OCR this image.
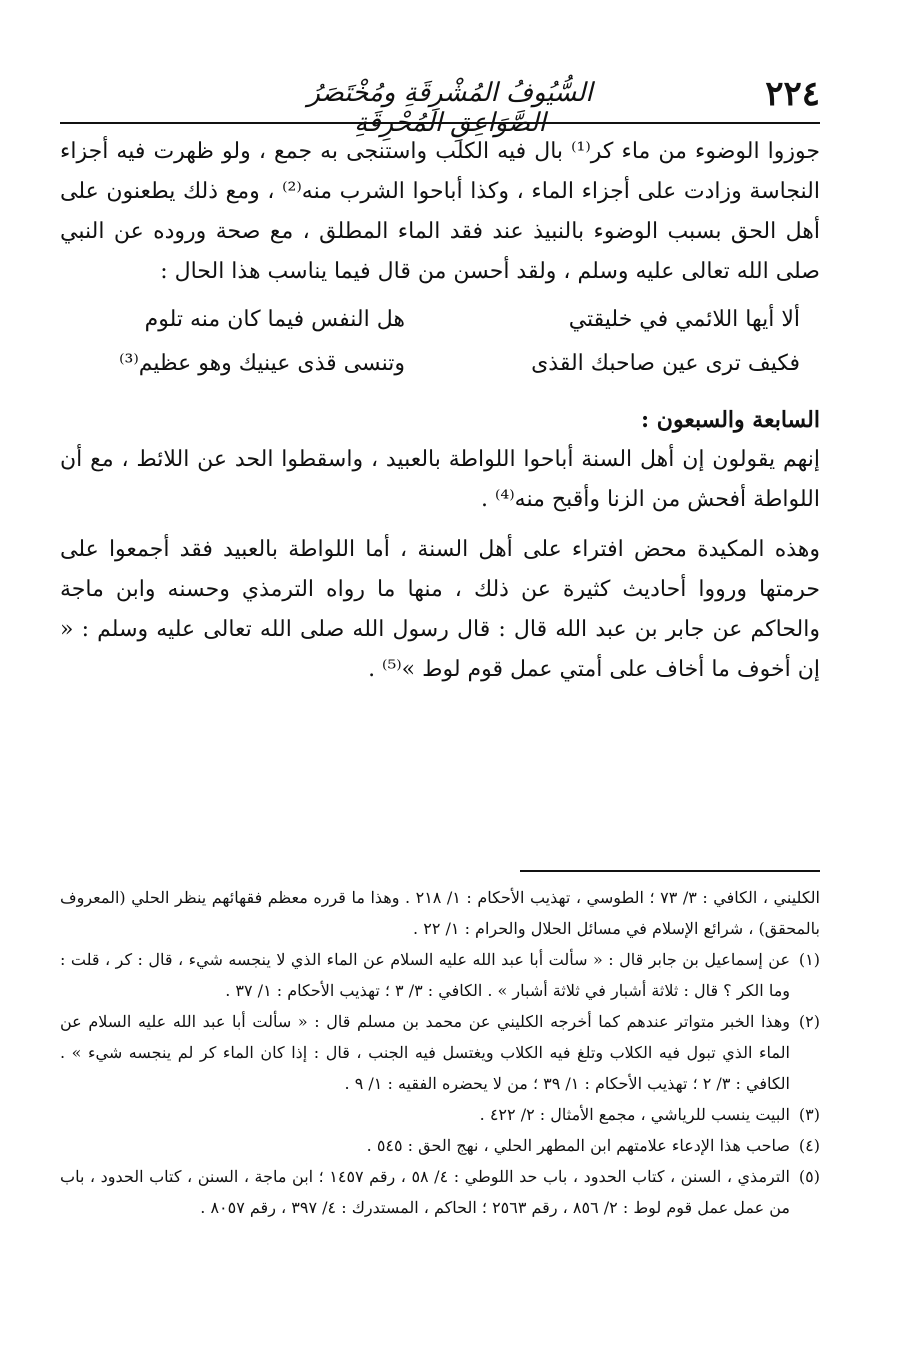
٢٢٤
السُّيُوفُ المُشْرِقَةِ ومُخْتَصَرُ الصَّوَاعِقِ المُحْرِقَةِ

جوزوا الوضوء من ماء كر⁽¹⁾ بال فيه الكلب واستنجى به جمع ، ولو ظهرت فيه أجزاء النجاسة وزادت على أجزاء الماء ، وكذا أباحوا الشرب منه⁽²⁾ ، ومع ذلك يطعنون على أهل الحق بسبب الوضوء بالنبيذ عند فقد الماء المطلق ، مع صحة وروده عن النبي صلى الله تعالى عليه وسلم ، ولقد أحسن من قال فيما يناسب هذا الحال :

ألا أيها اللائمي في خليقتي
هل النفس فيما كان منه تلوم
فكيف ترى عين صاحبك القذى
وتنسى قذى عينيك وهو عظيم⁽³⁾

السابعة والسبعون :

إنهم يقولون إن أهل السنة أباحوا اللواطة بالعبيد ، واسقطوا الحد عن اللائط ، مع أن اللواطة أفحش من الزنا وأقبح منه⁽⁴⁾ .

وهذه المكيدة محض افتراء على أهل السنة ، أما اللواطة بالعبيد فقد أجمعوا على حرمتها ورووا أحاديث كثيرة عن ذلك ، منها ما رواه الترمذي وحسنه وابن ماجة والحاكم عن جابر بن عبد الله قال : قال رسول الله صلى الله تعالى عليه وسلم : « إن أخوف ما أخاف على أمتي عمل قوم لوط »⁽⁵⁾ .

الكليني ، الكافي : ٣/ ٧٣ ؛ الطوسي ، تهذيب الأحكام : ١/ ٢١٨ . وهذا ما قرره معظم فقهائهم ينظر الحلي (المعروف بالمحقق) ، شرائع الإسلام في مسائل الحلال والحرام : ١/ ٢٢ .
(١)
عن إسماعيل بن جابر قال : « سألت أبا عبد الله عليه السلام عن الماء الذي لا ينجسه شيء ، قال : كر ، قلت : وما الكر ؟ قال : ثلاثة أشبار في ثلاثة أشبار » . الكافي : ٣/ ٣ ؛ تهذيب الأحكام : ١/ ٣٧ .
(٢)
وهذا الخبر متواتر عندهم كما أخرجه الكليني عن محمد بن مسلم قال : « سألت أبا عبد الله عليه السلام عن الماء الذي تبول فيه الكلاب وتلغ فيه الكلاب ويغتسل فيه الجنب ، قال : إذا كان الماء كر لم ينجسه شيء » . الكافي : ٣/ ٢ ؛ تهذيب الأحكام : ١/ ٣٩ ؛ من لا يحضره الفقيه : ١/ ٩ .
(٣)
البيت ينسب للرياشي ، مجمع الأمثال : ٢/ ٤٢٢ .
(٤)
صاحب هذا الإدعاء علامتهم ابن المطهر الحلي ، نهج الحق : ٥٤٥ .
(٥)
الترمذي ، السنن ، كتاب الحدود ، باب حد اللوطي : ٤/ ٥٨ ، رقم ١٤٥٧ ؛ ابن ماجة ، السنن ، كتاب الحدود ، باب من عمل عمل قوم لوط : ٢/ ٨٥٦ ، رقم ٢٥٦٣ ؛ الحاكم ، المستدرك : ٤/ ٣٩٧ ، رقم ٨٠٥٧ .
